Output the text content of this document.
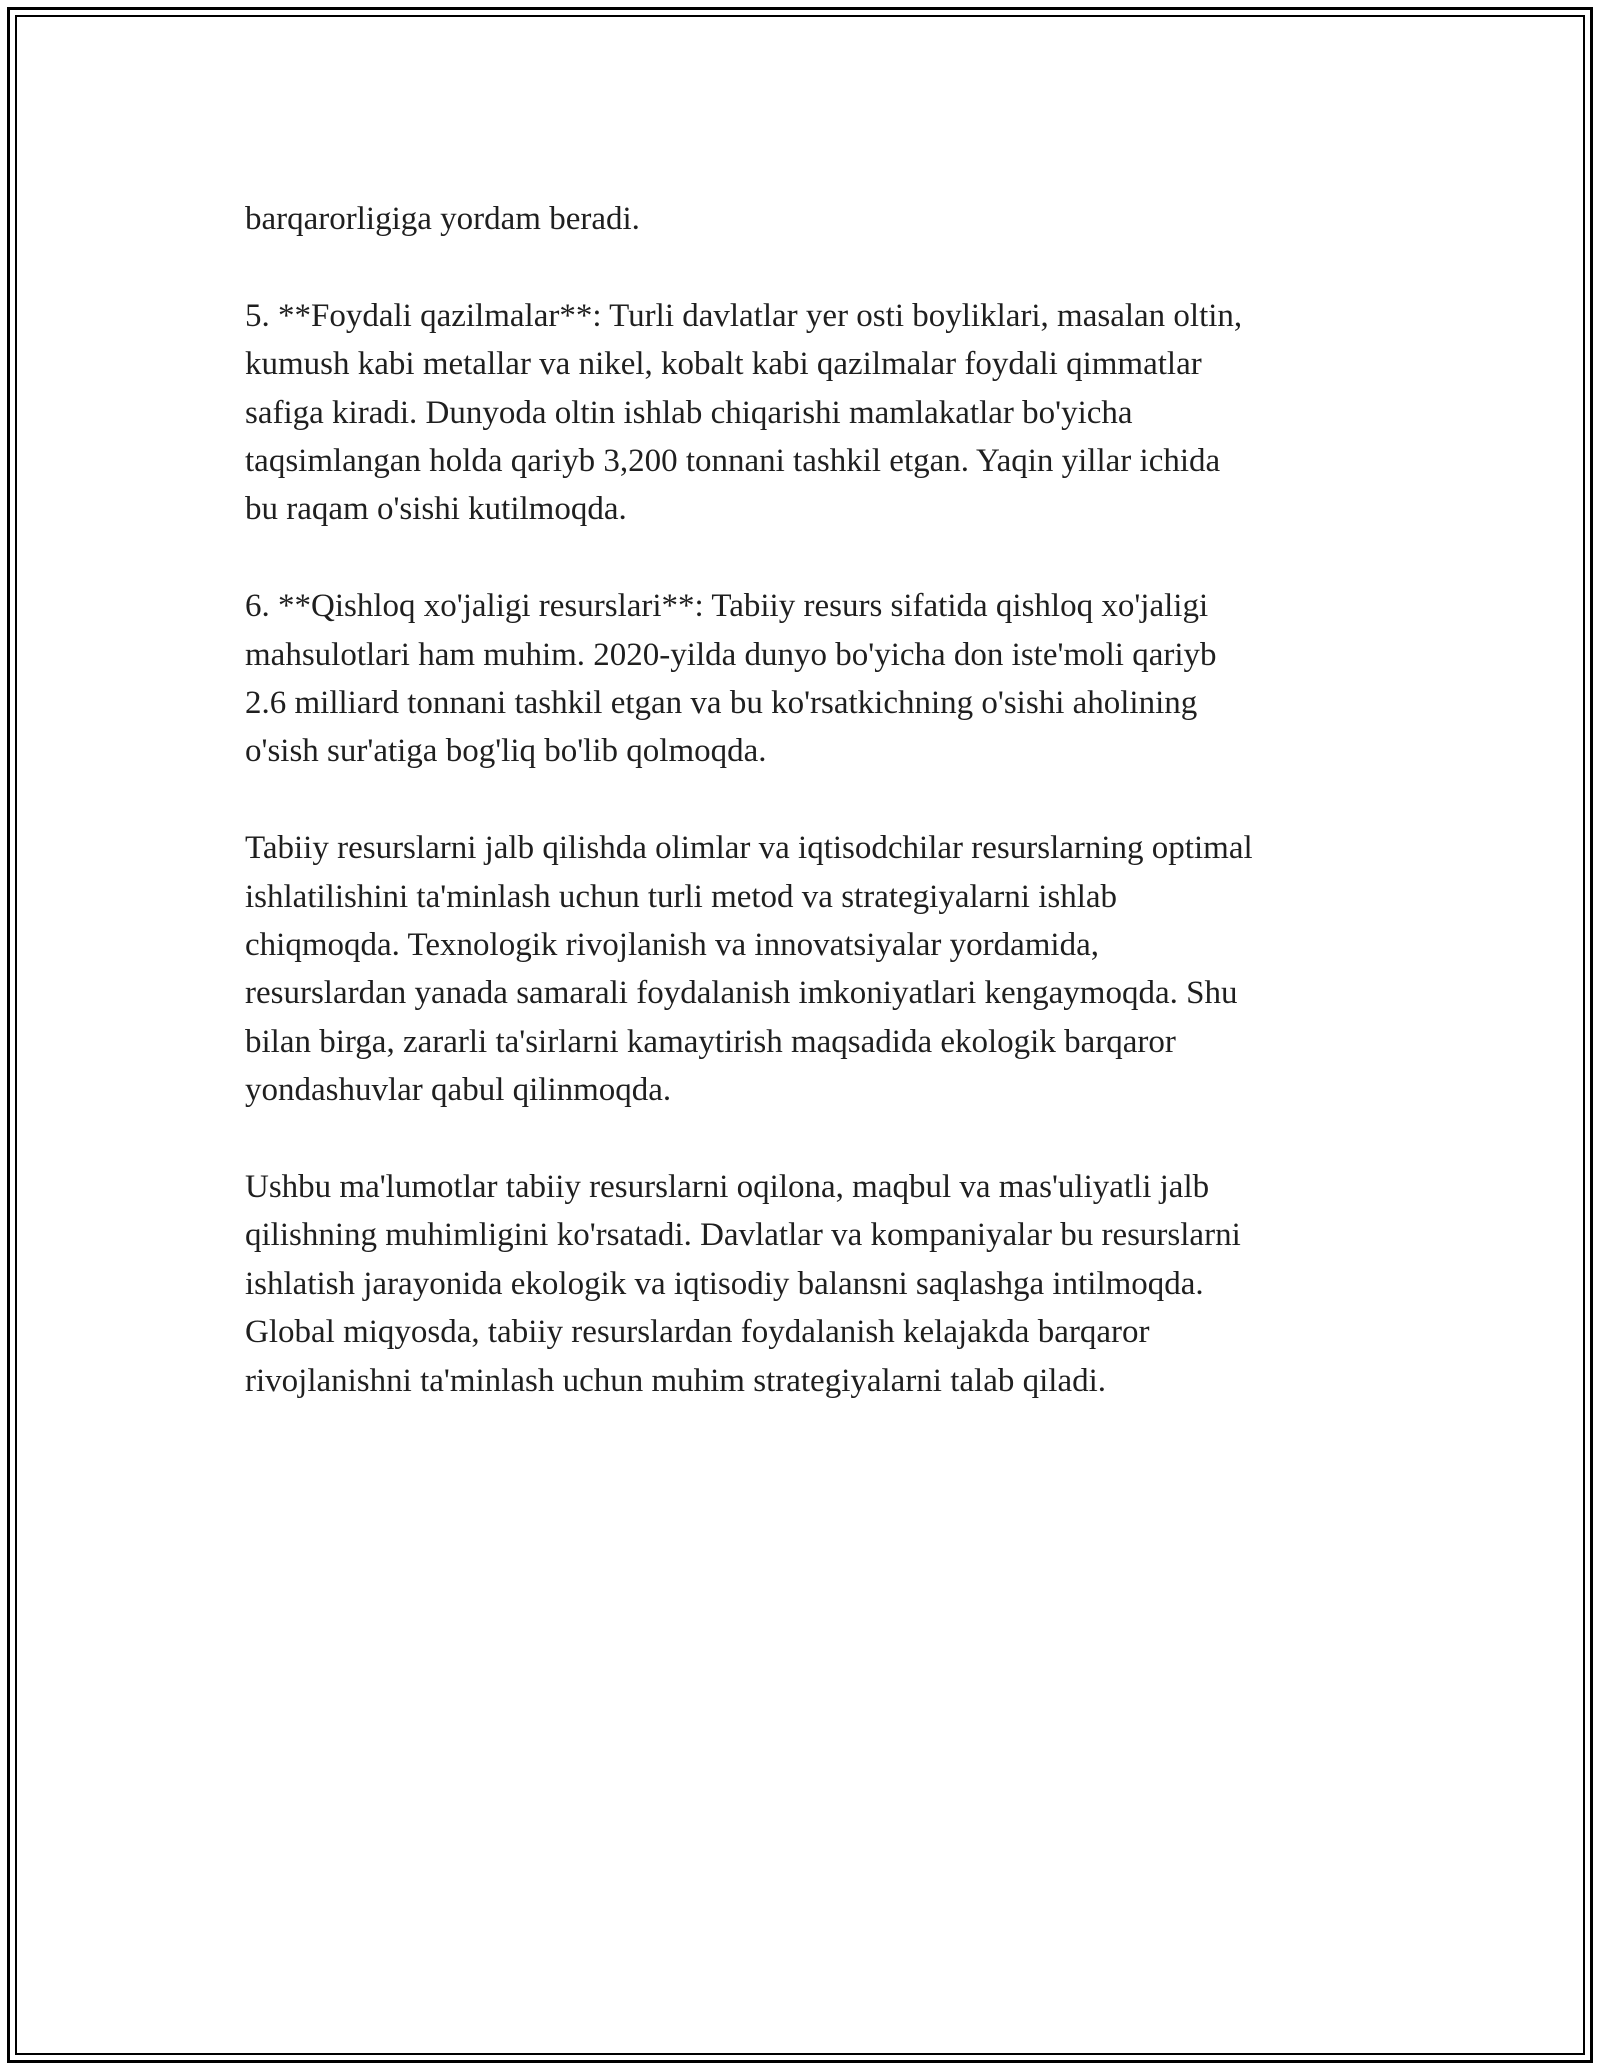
barqarorligiga yordam beradi.

5. **Foydali qazilmalar**: Turli davlatlar yer osti boyliklari, masalan oltin,
kumush kabi metallar va nikel, kobalt kabi qazilmalar foydali qimmatlar
safiga kiradi. Dunyoda oltin ishlab chiqarishi mamlakatlar bo'yicha
taqsimlangan holda qariyb 3,200 tonnani tashkil etgan. Yaqin yillar ichida
bu raqam o'sishi kutilmoqda.

6. **Qishloq xo'jaligi resurslari**: Tabiiy resurs sifatida qishloq xo'jaligi
mahsulotlari ham muhim. 2020-yilda dunyo bo'yicha don iste'moli qariyb
2.6 milliard tonnani tashkil etgan va bu ko'rsatkichning o'sishi aholining
o'sish sur'atiga bog'liq bo'lib qolmoqda.

Tabiiy resurslarni jalb qilishda olimlar va iqtisodchilar resurslarning optimal
ishlatilishini ta'minlash uchun turli metod va strategiyalarni ishlab
chiqmoqda. Texnologik rivojlanish va innovatsiyalar yordamida,
resurslardan yanada samarali foydalanish imkoniyatlari kengaymoqda. Shu
bilan birga, zararli ta'sirlarni kamaytirish maqsadida ekologik barqaror
yondashuvlar qabul qilinmoqda.

Ushbu ma'lumotlar tabiiy resurslarni oqilona, maqbul va mas'uliyatli jalb
qilishning muhimligini ko'rsatadi. Davlatlar va kompaniyalar bu resurslarni
ishlatish jarayonida ekologik va iqtisodiy balansni saqlashga intilmoqda.
Global miqyosda, tabiiy resurslardan foydalanish kelajakda barqaror
rivojlanishni ta'minlash uchun muhim strategiyalarni talab qiladi.
